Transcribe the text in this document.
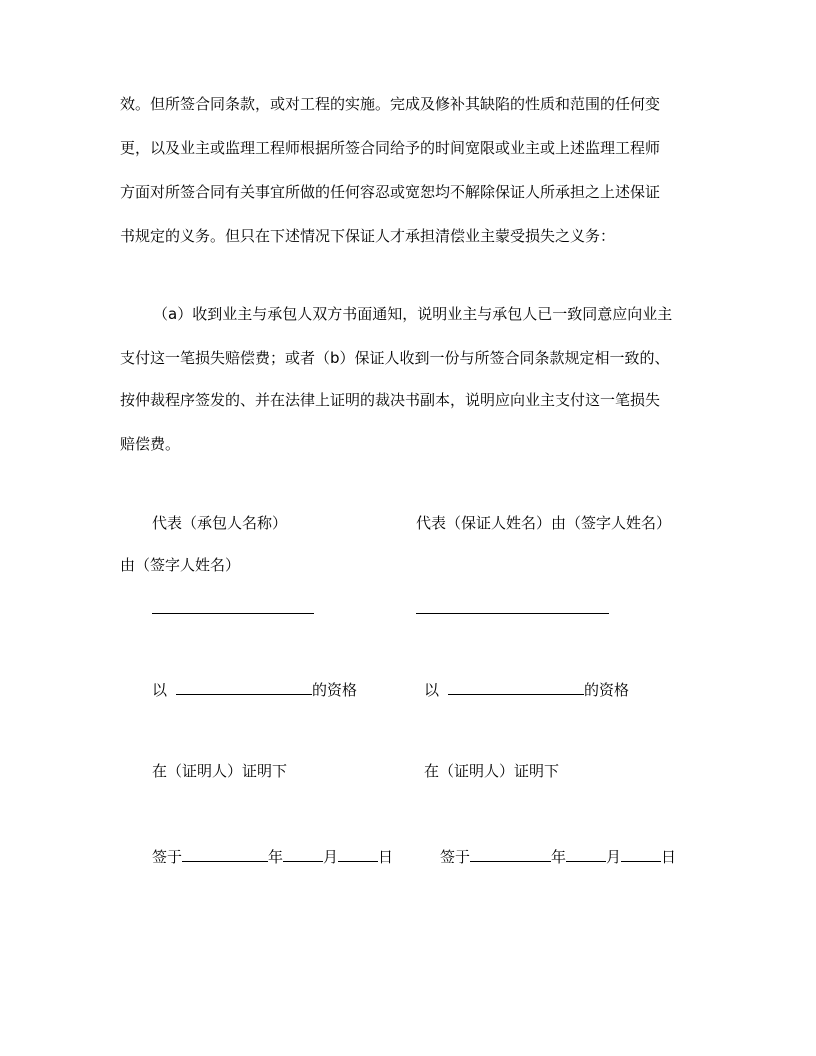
效。但所签合同条款，或对工程的实施。完成及修补其缺陷的性质和范围的任何变
更，以及业主或监理工程师根据所签合同给予的时间宽限或业主或上述监理工程师
方面对所签合同有关事宜所做的任何容忍或宽恕均不解除保证人所承担之上述保证
书规定的义务。但只在下述情况下保证人才承担清偿业主蒙受损失之义务：
（a）收到业主与承包人双方书面通知，说明业主与承包人已一致同意应向业主
支付这一笔损失赔偿费；或者（b）保证人收到一份与所签合同条款规定相一致的、
按仲裁程序签发的、并在法律上证明的裁决书副本，说明应向业主支付这一笔损失
赔偿费。
代表（承包人名称）	代表（保证人姓名）由（签字人姓名）
由（签字人姓名）
以	的资格	以	的资格
在（证明人）证明下	在（证明人）证明下
签于	年	月	日	签于	年	月	日
